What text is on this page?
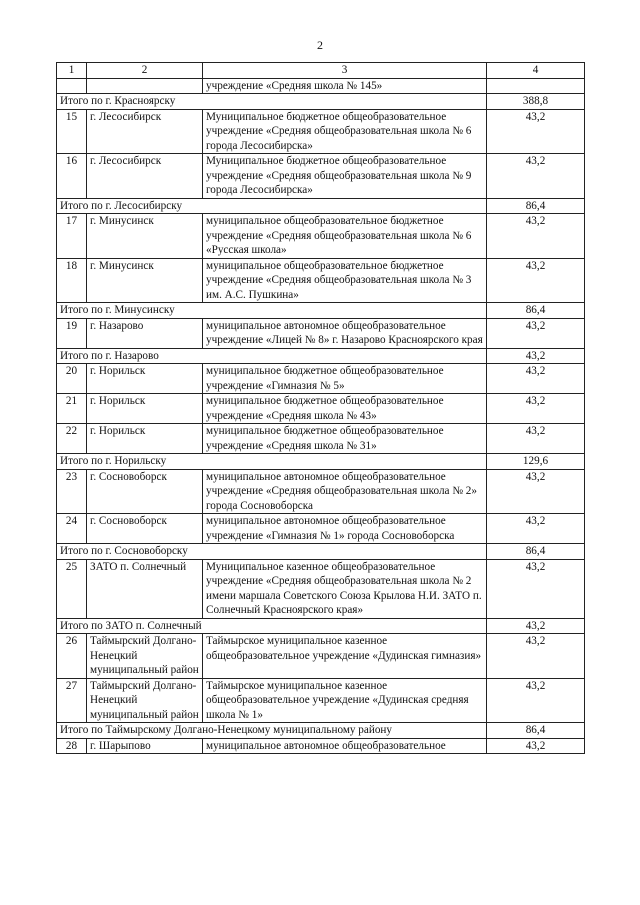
2
1	2	3	4
		учреждение «Средняя школа № 145»	
Итого по г. Красноярску			388,8
15	г. Лесосибирск	Муниципальное бюджетное общеобразовательное учреждение «Средняя общеобразовательная школа № 6 города Лесосибирска»	43,2
16	г. Лесосибирск	Муниципальное бюджетное общеобразовательное учреждение «Средняя общеобразовательная школа № 9 города Лесосибирска»	43,2
Итого по г. Лесосибирску			86,4
17	г. Минусинск	муниципальное общеобразовательное бюджетное учреждение «Средняя общеобразовательная школа № 6 «Русская школа»	43,2
18	г. Минусинск	муниципальное общеобразовательное бюджетное учреждение «Средняя общеобразовательная школа № 3 им. А.С. Пушкина»	43,2
Итого по г. Минусинску			86,4
19	г. Назарово	муниципальное автономное общеобразовательное учреждение «Лицей № 8» г. Назарово Красноярского края	43,2
Итого по г. Назарово			43,2
20	г. Норильск	муниципальное бюджетное общеобразовательное учреждение «Гимназия № 5»	43,2
21	г. Норильск	муниципальное бюджетное общеобразовательное учреждение «Средняя школа № 43»	43,2
22	г. Норильск	муниципальное бюджетное общеобразовательное учреждение «Средняя школа № 31»	43,2
Итого по г. Норильску			129,6
23	г. Сосновоборск	муниципальное автономное общеобразовательное учреждение «Средняя общеобразовательная школа № 2» города Сосновоборска	43,2
24	г. Сосновоборск	муниципальное автономное общеобразовательное учреждение «Гимназия № 1» города Сосновоборска	43,2
Итого по г. Сосновоборску			86,4
25	ЗАТО п. Солнечный	Муниципальное казенное общеобразовательное учреждение «Средняя общеобразовательная школа № 2 имени маршала Советского Союза Крылова Н.И. ЗАТО п. Солнечный Красноярского края»	43,2
Итого по ЗАТО п. Солнечный			43,2
26	Таймырский Долгано-Ненецкий муниципальный район	Таймырское муниципальное казенное общеобразовательное учреждение «Дудинская гимназия»	43,2
27	Таймырский Долгано-Ненецкий муниципальный район	Таймырское муниципальное казенное общеобразовательное учреждение «Дудинская средняя школа № 1»	43,2
Итого по Таймырскому Долгано-Ненецкому муниципальному району			86,4
28	г. Шарыпово	муниципальное автономное общеобразовательное	43,2
